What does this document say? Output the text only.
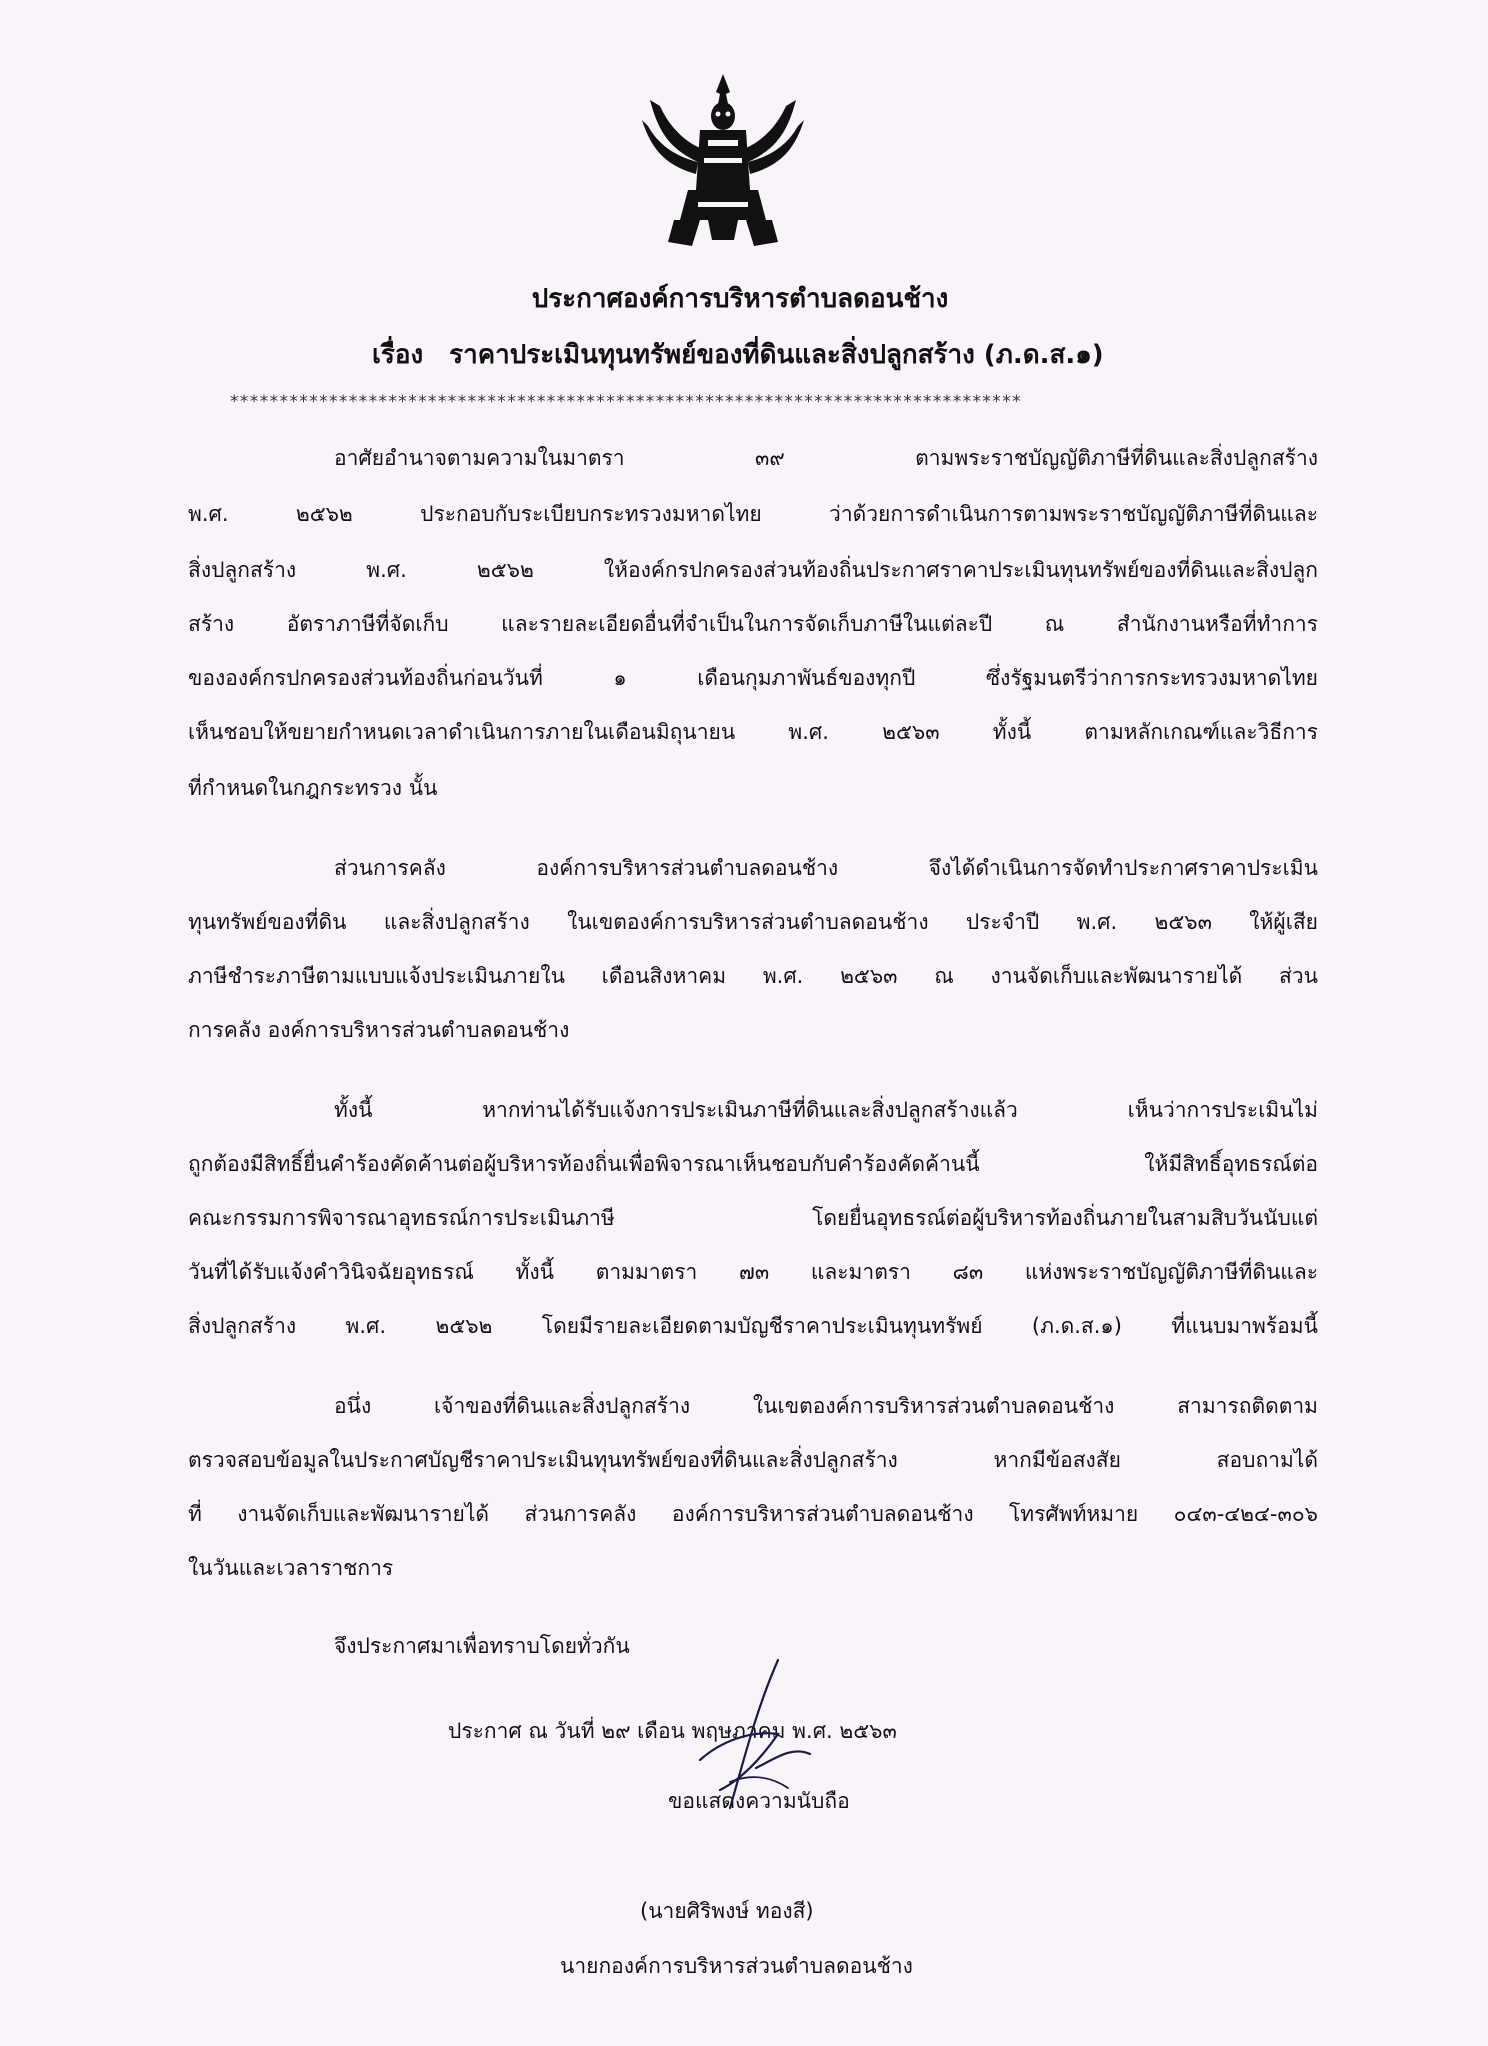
ประกาศองค์การบริหารตำบลดอนช้าง
เรื่อง ราคาประเมินทุนทรัพย์ของที่ดินและสิ่งปลูกสร้าง (ภ.ด.ส.๑)
********************************************************************************
อาศัยอำนาจตามความในมาตรา ๓๙ ตามพระราชบัญญัติภาษีที่ดินและสิ่งปลูกสร้าง
พ.ศ. ๒๕๖๒ ประกอบกับระเบียบกระทรวงมหาดไทย ว่าด้วยการดำเนินการตามพระราชบัญญัติภาษีที่ดินและ
สิ่งปลูกสร้าง พ.ศ. ๒๕๖๒ ให้องค์กรปกครองส่วนท้องถิ่นประกาศราคาประเมินทุนทรัพย์ของที่ดินและสิ่งปลูก
สร้าง อัตราภาษีที่จัดเก็บ และรายละเอียดอื่นที่จำเป็นในการจัดเก็บภาษีในแต่ละปี ณ สำนักงานหรือที่ทำการ
ขององค์กรปกครองส่วนท้องถิ่นก่อนวันที่ ๑ เดือนกุมภาพันธ์ของทุกปี ซึ่งรัฐมนตรีว่าการกระทรวงมหาดไทย
เห็นชอบให้ขยายกำหนดเวลาดำเนินการภายในเดือนมิถุนายน พ.ศ. ๒๕๖๓ ทั้งนี้ ตามหลักเกณฑ์และวิธีการ
ที่กำหนดในกฎกระทรวง นั้น
ส่วนการคลัง องค์การบริหารส่วนตำบลดอนช้าง จึงได้ดำเนินการจัดทำประกาศราคาประเมิน
ทุนทรัพย์ของที่ดิน และสิ่งปลูกสร้าง ในเขตองค์การบริหารส่วนตำบลดอนช้าง ประจำปี พ.ศ. ๒๕๖๓ ให้ผู้เสีย
ภาษีชำระภาษีตามแบบแจ้งประเมินภายใน เดือนสิงหาคม พ.ศ. ๒๕๖๓ ณ งานจัดเก็บและพัฒนารายได้ ส่วน
การคลัง องค์การบริหารส่วนตำบลดอนช้าง
ทั้งนี้ หากท่านได้รับแจ้งการประเมินภาษีที่ดินและสิ่งปลูกสร้างแล้ว เห็นว่าการประเมินไม่
ถูกต้องมีสิทธิ์ยื่นคำร้องคัดค้านต่อผู้บริหารท้องถิ่นเพื่อพิจารณาเห็นชอบกับคำร้องคัดค้านนี้ ให้มีสิทธิ์อุทธรณ์ต่อ
คณะกรรมการพิจารณาอุทธรณ์การประเมินภาษี โดยยื่นอุทธรณ์ต่อผู้บริหารท้องถิ่นภายในสามสิบวันนับแต่
วันที่ได้รับแจ้งคำวินิจฉัยอุทธรณ์ ทั้งนี้ ตามมาตรา ๗๓ และมาตรา ๘๓ แห่งพระราชบัญญัติภาษีที่ดินและ
สิ่งปลูกสร้าง พ.ศ. ๒๕๖๒ โดยมีรายละเอียดตามบัญชีราคาประเมินทุนทรัพย์ (ภ.ด.ส.๑) ที่แนบมาพร้อมนี้
อนึ่ง เจ้าของที่ดินและสิ่งปลูกสร้าง ในเขตองค์การบริหารส่วนตำบลดอนช้าง สามารถติดตาม
ตรวจสอบข้อมูลในประกาศบัญชีราคาประเมินทุนทรัพย์ของที่ดินและสิ่งปลูกสร้าง หากมีข้อสงสัย สอบถามได้
ที่ งานจัดเก็บและพัฒนารายได้ ส่วนการคลัง องค์การบริหารส่วนตำบลดอนช้าง โทรศัพท์หมาย ๐๔๓-๔๒๔-๓๐๖
ในวันและเวลาราชการ
จึงประกาศมาเพื่อทราบโดยทั่วกัน
ประกาศ ณ วันที่ ๒๙ เดือน พฤษภาคม พ.ศ. ๒๕๖๓
ขอแสดงความนับถือ
(นายศิริพงษ์ ทองสี)
นายกองค์การบริหารส่วนตำบลดอนช้าง
